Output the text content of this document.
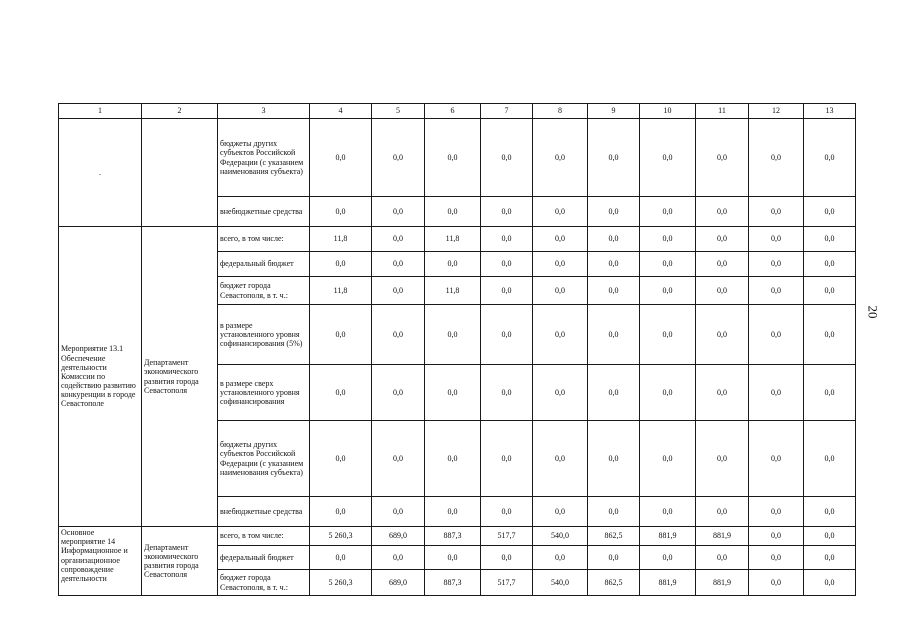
1	2	3	4	5	6	7	8	9	10	11	12	13
.		бюджеты других субъектов Российской Федерации (с указанием наименования субъекта)	0,0	0,0	0,0	0,0	0,0	0,0	0,0	0,0	0,0	0,0
		внебюджетные средства	0,0	0,0	0,0	0,0	0,0	0,0	0,0	0,0	0,0	0,0
Мероприятие 13.1 Обеспечение деятельности Комиссии по содействию развитию конкуренции в городе Севастополе	Департамент экономического развития города Севастополя	всего, в том числе:	11,8	0,0	11,8	0,0	0,0	0,0	0,0	0,0	0,0	0,0
		федеральный бюджет	0,0	0,0	0,0	0,0	0,0	0,0	0,0	0,0	0,0	0,0
		бюджет города Севастополя, в т. ч.:	11,8	0,0	11,8	0,0	0,0	0,0	0,0	0,0	0,0	0,0
		в размере установленного уровня софинансирования (5%)	0,0	0,0	0,0	0,0	0,0	0,0	0,0	0,0	0,0	0,0
		в размере сверх установленного уровня софинансирования	0,0	0,0	0,0	0,0	0,0	0,0	0,0	0,0	0,0	0,0
		бюджеты других субъектов Российской Федерации (с указанием наименования субъекта)	0,0	0,0	0,0	0,0	0,0	0,0	0,0	0,0	0,0	0,0
		внебюджетные средства	0,0	0,0	0,0	0,0	0,0	0,0	0,0	0,0	0,0	0,0
Основное мероприятие 14 Информационное и организационное сопровождение деятельности	Департамент экономического развития города Севастополя	всего, в том числе:	5 260,3	689,0	887,3	517,7	540,0	862,5	881,9	881,9	0,0	0,0
		федеральный бюджет	0,0	0,0	0,0	0,0	0,0	0,0	0,0	0,0	0,0	0,0
		бюджет города Севастополя, в т. ч.:	5 260,3	689,0	887,3	517,7	540,0	862,5	881,9	881,9	0,0	0,0
20
